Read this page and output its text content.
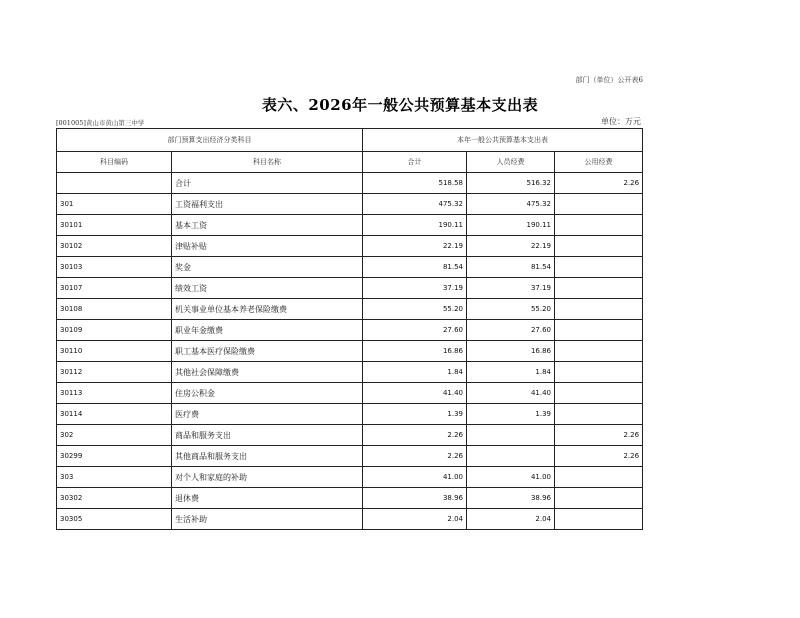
部门（单位）公开表6
表六、2026年一般公共预算基本支出表
[001005]黄山市黄山第三中学	单位：万元
部门预算支出经济分类科目		本年一般公共预算基本支出表		
科目编码	科目名称	合计	人员经费	公用经费
	合计	518.58	516.32	2.26
301	工资福利支出	475.32	475.32	
30101	基本工资	190.11	190.11	
30102	津贴补贴	22.19	22.19	
30103	奖金	81.54	81.54	
30107	绩效工资	37.19	37.19	
30108	机关事业单位基本养老保险缴费	55.20	55.20	
30109	职业年金缴费	27.60	27.60	
30110	职工基本医疗保险缴费	16.86	16.86	
30112	其他社会保障缴费	1.84	1.84	
30113	住房公积金	41.40	41.40	
30114	医疗费	1.39	1.39	
302	商品和服务支出	2.26		2.26
30299	其他商品和服务支出	2.26		2.26
303	对个人和家庭的补助	41.00	41.00	
30302	退休费	38.96	38.96	
30305	生活补助	2.04	2.04	
